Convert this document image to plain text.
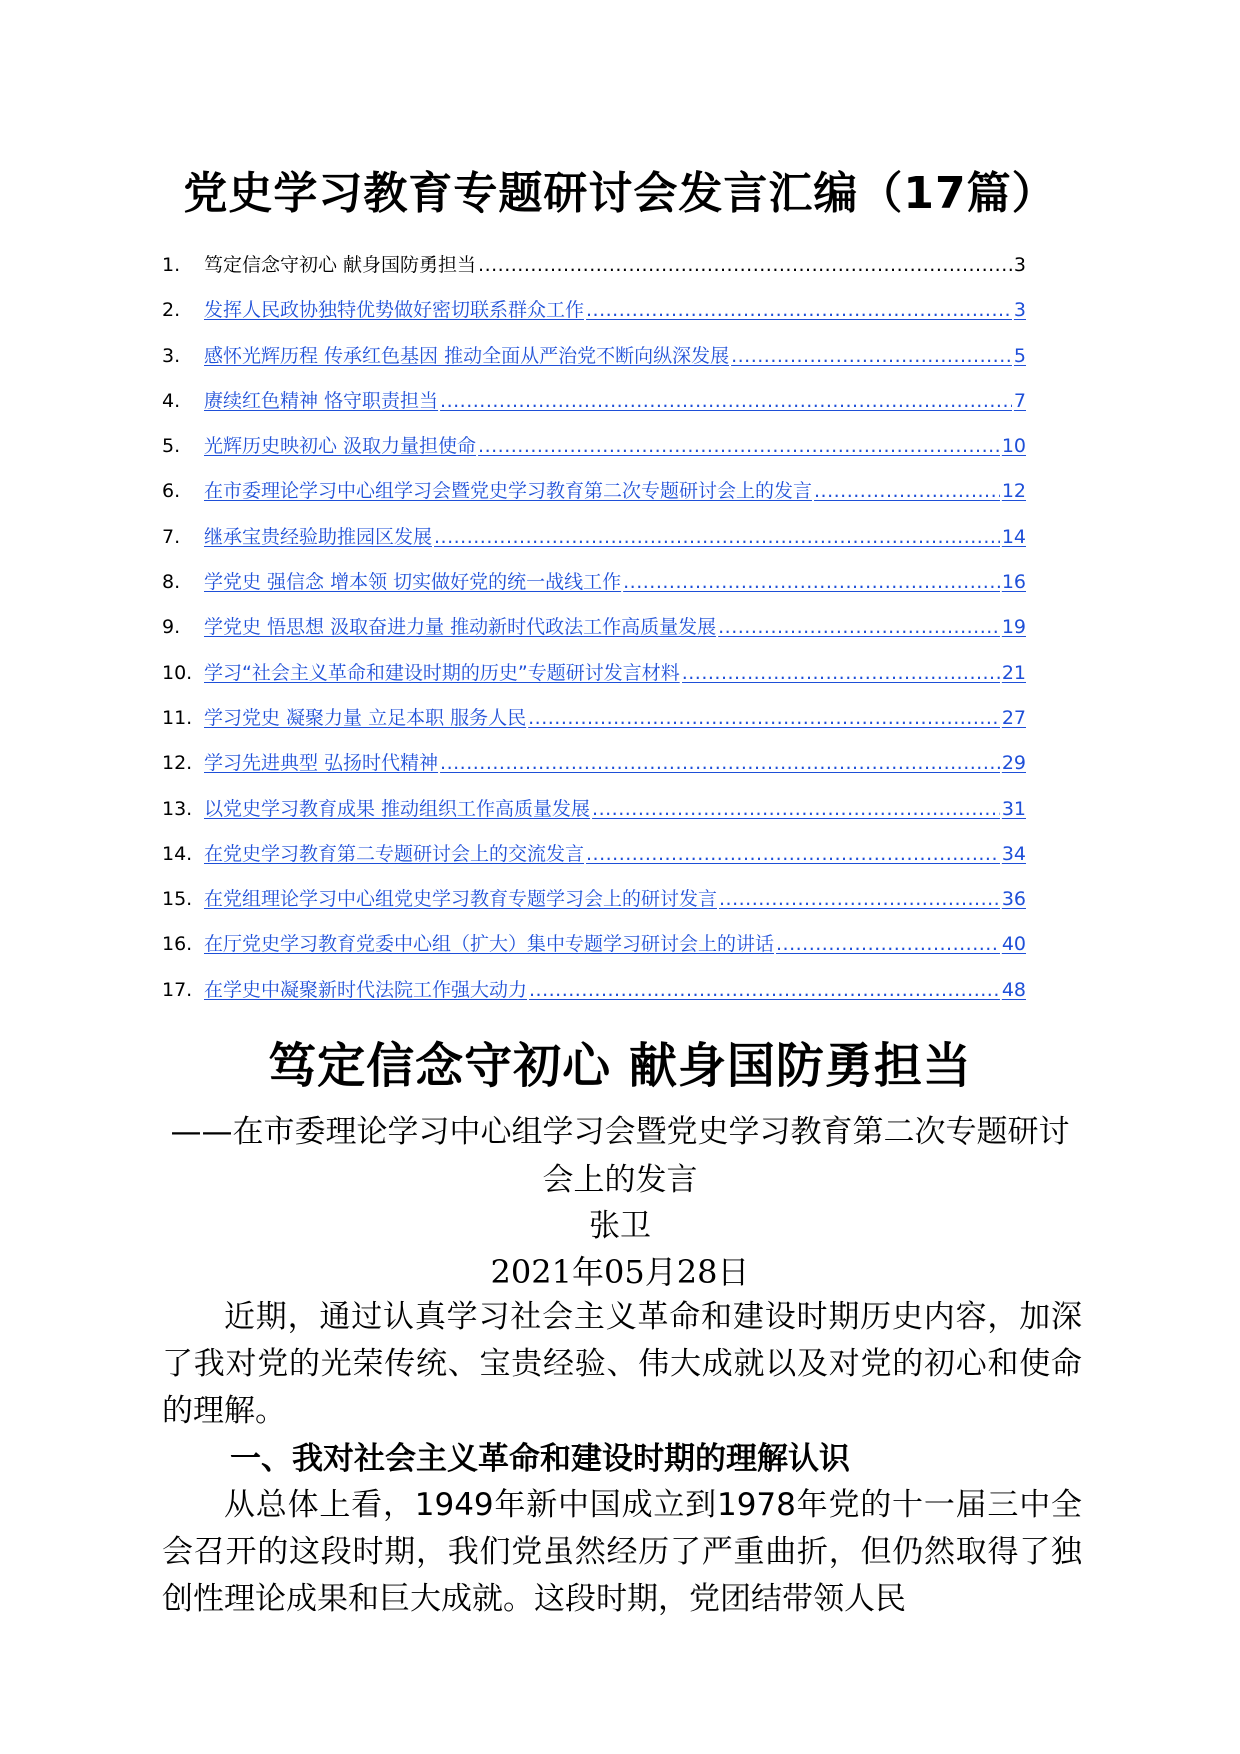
党史学习教育专题研讨会发言汇编（17篇）
1.	笃定信念守初心 献身国防勇担当 .....	3
2.	发挥人民政协独特优势做好密切联系群众工作 .....	3
3.	感怀光辉历程 传承红色基因 推动全面从严治党不断向纵深发展 .....	5
4.	赓续红色精神 恪守职责担当 .....	7
5.	光辉历史映初心 汲取力量担使命 .....	10
6.	在市委理论学习中心组学习会暨党史学习教育第二次专题研讨会上的发言 .....	12
7.	继承宝贵经验助推园区发展 .....	14
8.	学党史 强信念 增本领 切实做好党的统一战线工作 .....	16
9.	学党史 悟思想 汲取奋进力量 推动新时代政法工作高质量发展 .....	19
10. 学习“社会主义革命和建设时期的历史”专题研讨发言材料 .....	21
11. 学习党史 凝聚力量 立足本职 服务人民 .....	27
12. 学习先进典型 弘扬时代精神 .....	29
13. 以党史学习教育成果 推动组织工作高质量发展 .....	31
14. 在党史学习教育第二专题研讨会上的交流发言 .....	34
15. 在党组理论学习中心组党史学习教育专题学习会上的研讨发言 .....	36
16. 在厅党史学习教育党委中心组（扩大）集中专题学习研讨会上的讲话 .....	40
17. 在学史中凝聚新时代法院工作强大动力 .....	48
笃定信念守初心 献身国防勇担当
——在市委理论学习中心组学习会暨党史学习教育第二次专题研讨会上的发言
张卫
2021年05月28日
近期，通过认真学习社会主义革命和建设时期历史内容，加深了我对党的光荣传统、宝贵经验、伟大成就以及对党的初心和使命的理解。
一、我对社会主义革命和建设时期的理解认识
从总体上看，1949年新中国成立到1978年党的十一届三中全会召开的这段时期，我们党虽然经历了严重曲折，但仍然取得了独创性理论成果和巨大成就。这段时期，党团结带领人民
